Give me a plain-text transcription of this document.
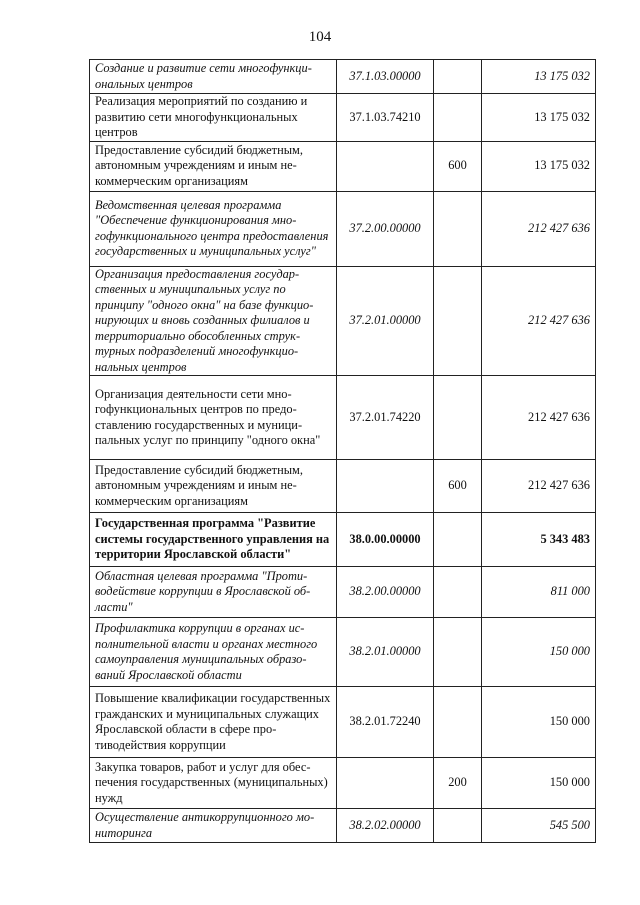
104
Создание и развитие сети многофункциональных центров	37.1.03.00000		13 175 032
Реализация мероприятий по созданию и развитию сети многофункциональных центров	37.1.03.74210		13 175 032
Предоставление субсидий бюджетным, автономным учреждениям и иным некоммерческим организациям		600	13 175 032
Ведомственная целевая программа "Обеспечение функционирования многофункционального центра предоставления государственных и муниципальных услуг"	37.2.00.00000		212 427 636
Организация предоставления государственных и муниципальных услуг по принципу "одного окна" на базе функционирующих и вновь созданных филиалов и территориально обособленных структурных подразделений многофункциональных центров	37.2.01.00000		212 427 636
Организация деятельности сети многофункциональных центров по предоставлению государственных и муниципальных услуг по принципу "одного окна"	37.2.01.74220		212 427 636
Предоставление субсидий бюджетным, автономным учреждениям и иным некоммерческим организациям		600	212 427 636
Государственная программа "Развитие системы государственного управления на территории Ярославской области"	38.0.00.00000		5 343 483
Областная целевая программа "Противодействие коррупции в Ярославской области"	38.2.00.00000		811 000
Профилактика коррупции в органах исполнительной власти и органах местного самоуправления муниципальных образований Ярославской области	38.2.01.00000		150 000
Повышение квалификации государственных гражданских и муниципальных служащих Ярославской области в сфере противодействия коррупции	38.2.01.72240		150 000
Закупка товаров, работ и услуг для обеспечения государственных (муниципальных) нужд		200	150 000
Осуществление антикоррупционного мониторинга	38.2.02.00000		545 500
